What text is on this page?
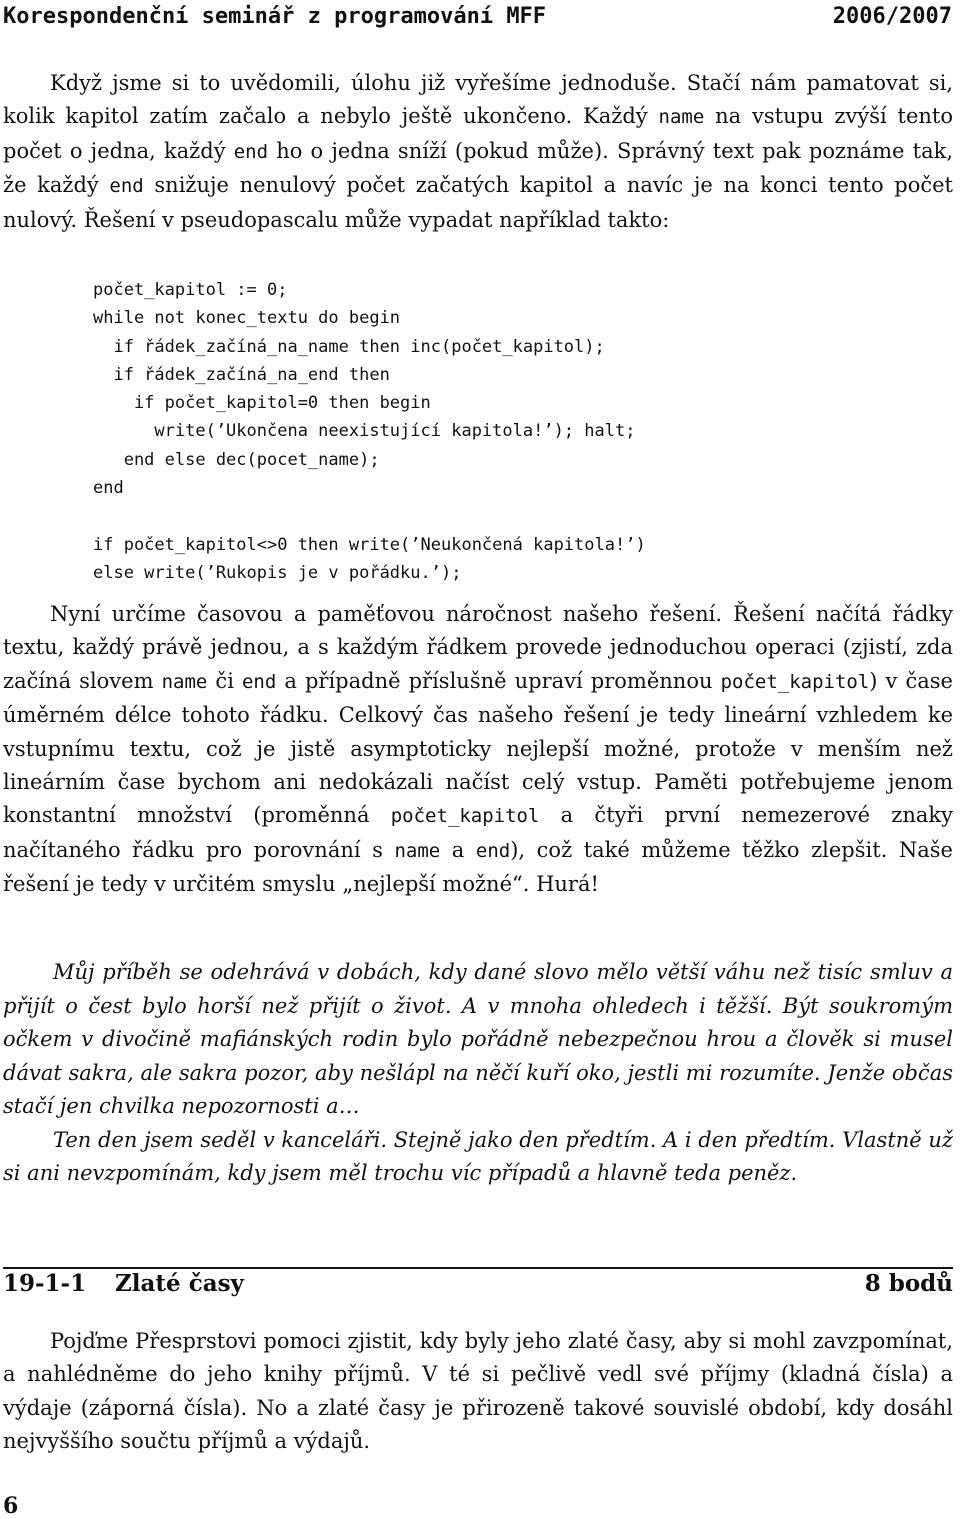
Korespondenční seminář z programování MFF	2006/2007

Když jsme si to uvědomili, úlohu již vyřešíme jednoduše. Stačí nám pamatovat si, kolik kapitol zatím začalo a nebylo ještě ukončeno. Každý name na vstupu zvýší tento počet o jedna, každý end ho o jedna sníží (pokud může). Správný text pak poznáme tak, že každý end snižuje nenulový počet začatých kapitol a navíc je na konci tento počet nulový. Řešení v pseudopascalu může vypadat například takto:

počet_kapitol := 0;
while not konec_textu do begin
if řádek_začíná_na_name then inc(počet_kapitol);
if řádek_začíná_na_end then
if počet_kapitol=0 then begin
write(’Ukončena neexistující kapitola!’); halt;
end else dec(pocet_name);
end

if počet_kapitol<>0 then write(’Neukončená kapitola!’)
else write(’Rukopis je v pořádku.’);

Nyní určíme časovou a paměťovou náročnost našeho řešení. Řešení načítá řádky textu, každý právě jednou, a s každým řádkem provede jednoduchou operaci (zjistí, zda začíná slovem name či end a případně příslušně upraví proměnnou počet_kapitol) v čase úměrném délce tohoto řádku. Celkový čas našeho řešení je tedy lineární vzhledem ke vstupnímu textu, což je jistě asymptoticky nejlepší možné, protože v menším než lineárním čase bychom ani nedokázali načíst celý vstup. Paměti potřebujeme jenom konstantní množství (proměnná počet_kapitol a čtyři první nemezerové znaky načítaného řádku pro porovnání s name a end), což také můžeme těžko zlepšit. Naše řešení je tedy v určitém smyslu „nejlepší možné“. Hurá!

Můj příběh se odehrává v dobách, kdy dané slovo mělo větší váhu než tisíc smluv a přijít o čest bylo horší než přijít o život. A v mnoha ohledech i těžší. Být soukromým očkem v divočině mafiánských rodin bylo pořádně nebezpečnou hrou a člověk si musel dávat sakra, ale sakra pozor, aby nešlápl na něčí kuří oko, jestli mi rozumíte. Jenže občas stačí jen chvilka nepozornosti a…

Ten den jsem seděl v kanceláři. Stejně jako den předtím. A i den předtím. Vlastně už si ani nevzpomínám, kdy jsem měl trochu víc případů a hlavně teda peněz.

19-1-1 Zlaté časy	8 bodů

Pojďme Přesprstovi pomoci zjistit, kdy byly jeho zlaté časy, aby si mohl zavzpomínat, a nahlédněme do jeho knihy příjmů. V té si pečlivě vedl své příjmy (kladná čísla) a výdaje (záporná čísla). No a zlaté časy je přirozeně takové souvislé období, kdy dosáhl nejvyššího součtu příjmů a výdajů.

6
